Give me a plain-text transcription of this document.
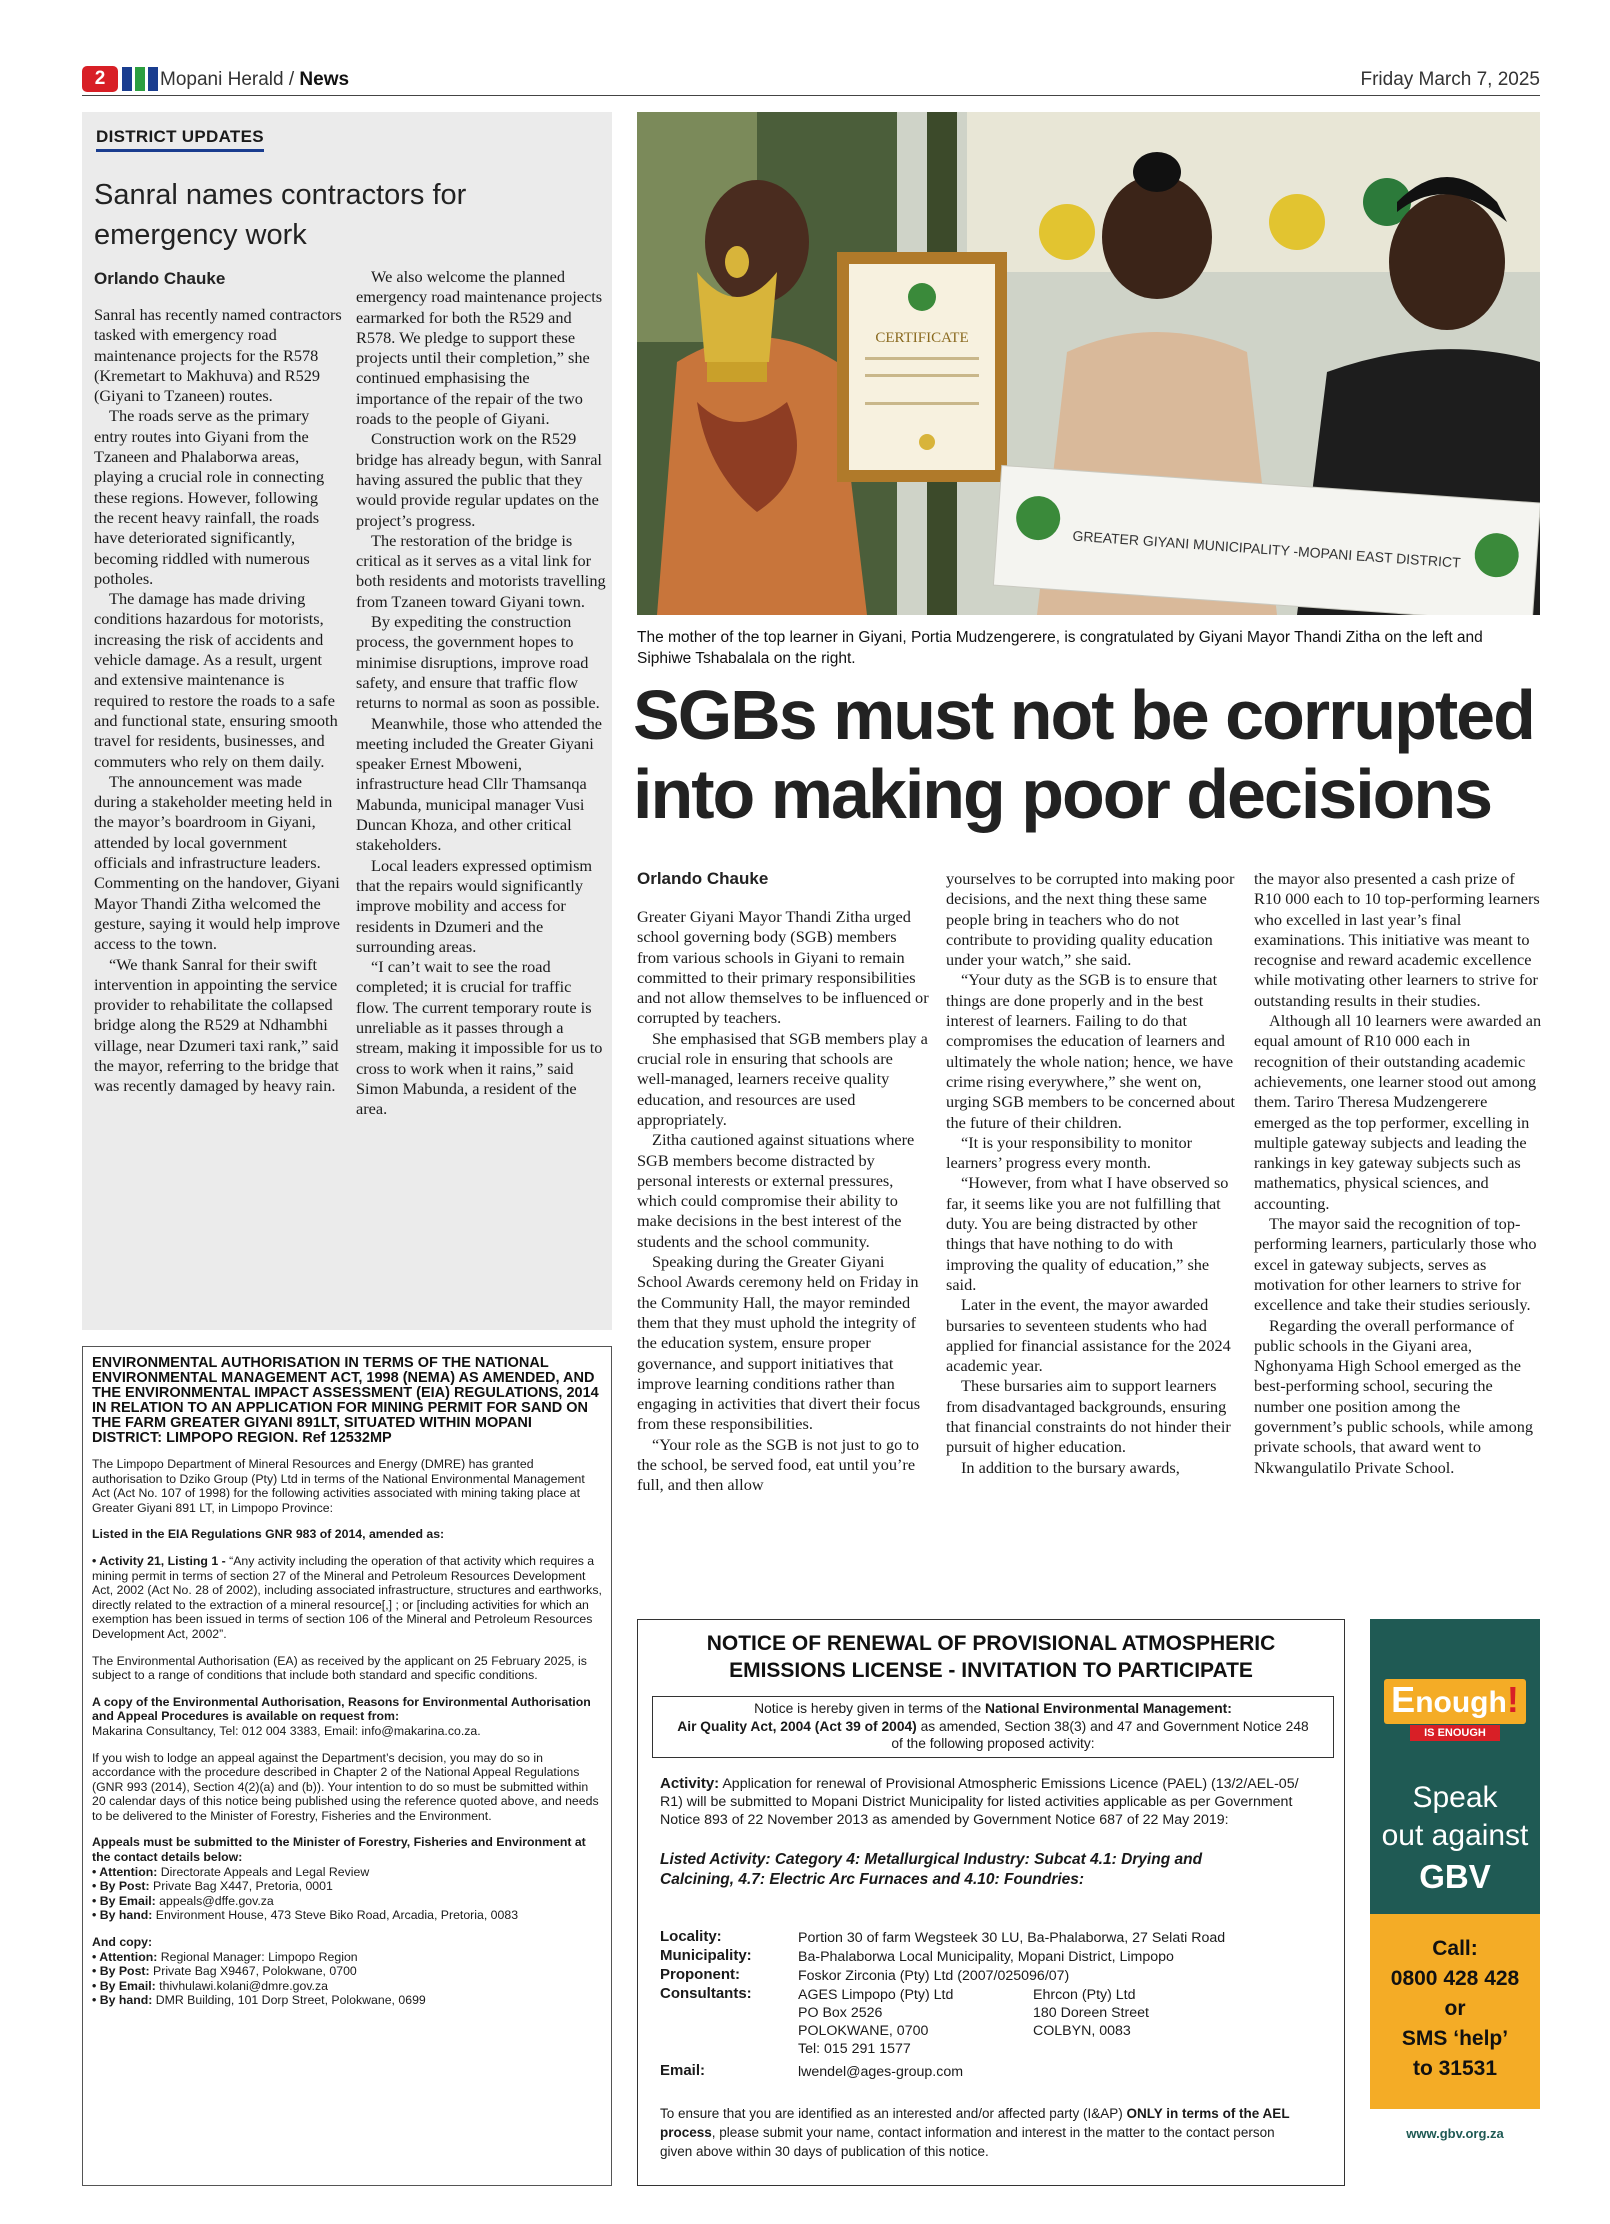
2	Mopani Herald / News	Friday March 7, 2025
DISTRICT UPDATES
Sanral names contractors for emergency work
Orlando Chauke

Sanral has recently named contractors tasked with emergency road maintenance projects for the R578 (Kremetart to Makhuva) and R529 (Giyani to Tzaneen) routes.

The roads serve as the primary entry routes into Giyani from the Tzaneen and Phalaborwa areas, playing a crucial role in connecting these regions. However, following the recent heavy rainfall, the roads have deteriorated significantly, becoming riddled with numerous potholes.

The damage has made driving conditions hazardous for motorists, increasing the risk of accidents and vehicle damage. As a result, urgent and extensive maintenance is required to restore the roads to a safe and functional state, ensuring smooth travel for residents, businesses, and commuters who rely on them daily.

The announcement was made during a stakeholder meeting held in the mayor’s boardroom in Giyani, attended by local government officials and infrastructure leaders. Commenting on the handover, Giyani Mayor Thandi Zitha welcomed the gesture, saying it would help improve access to the town.

“We thank Sanral for their swift intervention in appointing the service provider to rehabilitate the collapsed bridge along the R529 at Ndhambhi village, near Dzumeri taxi rank,” said the mayor, referring to the bridge that was recently damaged by heavy rain.

We also welcome the planned emergency road maintenance projects earmarked for both the R529 and R578. We pledge to support these projects until their completion,” she continued emphasising the importance of the repair of the two roads to the people of Giyani.

Construction work on the R529 bridge has already begun, with Sanral having assured the public that they would provide regular updates on the project’s progress.

The restoration of the bridge is critical as it serves as a vital link for both residents and motorists travelling from Tzaneen toward Giyani town.

By expediting the construction process, the government hopes to minimise disruptions, improve road safety, and ensure that traffic flow returns to normal as soon as possible.

Meanwhile, those who attended the meeting included the Greater Giyani speaker Ernest Mboweni, infrastructure head Cllr Thamsanqa Mabunda, municipal manager Vusi Duncan Khoza, and other critical stakeholders.

Local leaders expressed optimism that the repairs would significantly improve mobility and access for residents in Dzumeri and the surrounding areas.

“I can’t wait to see the road completed; it is crucial for traffic flow. The current temporary route is unreliable as it passes through a stream, making it impossible for us to cross to work when it rains,” said Simon Mabunda, a resident of the area.

CERTIFICATE
GREATER GIYANI MUNICIPALITY -MOPANI EAST DISTRICT
The mother of the top learner in Giyani, Portia Mudzengerere, is congratulated by Giyani Mayor Thandi Zitha on the left and Siphiwe Tshabalala on the right.
SGBs must not be corrupted into making poor decisions
Orlando Chauke

Greater Giyani Mayor Thandi Zitha urged school governing body (SGB) members from various schools in Giyani to remain committed to their primary responsibilities and not allow themselves to be influenced or corrupted by teachers.

She emphasised that SGB members play a crucial role in ensuring that schools are well-managed, learners receive quality education, and resources are used appropriately.

Zitha cautioned against situations where SGB members become distracted by personal interests or external pressures, which could compromise their ability to make decisions in the best interest of the students and the school community.

Speaking during the Greater Giyani School Awards ceremony held on Friday in the Community Hall, the mayor reminded them that they must uphold the integrity of the education system, ensure proper governance, and support initiatives that improve learning conditions rather than engaging in activities that divert their focus from these responsibilities.

“Your role as the SGB is not just to go to the school, be served food, eat until you’re full, and then allow

yourselves to be corrupted into making poor decisions, and the next thing these same people bring in teachers who do not contribute to providing quality education under your watch,” she said.

“Your duty as the SGB is to ensure that things are done properly and in the best interest of learners. Failing to do that compromises the education of learners and ultimately the whole nation; hence, we have crime rising everywhere,” she went on, urging SGB members to be concerned about the future of their children.

“It is your responsibility to monitor learners’ progress every month.

“However, from what I have observed so far, it seems like you are not fulfilling that duty. You are being distracted by other things that have nothing to do with improving the quality of education,” she said.

Later in the event, the mayor awarded bursaries to seventeen students who had applied for financial assistance for the 2024 academic year.

These bursaries aim to support learners from disadvantaged backgrounds, ensuring that financial constraints do not hinder their pursuit of higher education.

In addition to the bursary awards,

the mayor also presented a cash prize of R10 000 each to 10 top-performing learners who excelled in last year’s final examinations. This initiative was meant to recognise and reward academic excellence while motivating other learners to strive for outstanding results in their studies.

Although all 10 learners were awarded an equal amount of R10 000 each in recognition of their outstanding academic achievements, one learner stood out among them. Tariro Theresa Mudzengerere emerged as the top performer, excelling in multiple gateway subjects and leading the rankings in key gateway subjects such as mathematics, physical sciences, and accounting.

The mayor said the recognition of top-performing learners, particularly those who excel in gateway subjects, serves as motivation for other learners to strive for excellence and take their studies seriously.

Regarding the overall performance of public schools in the Giyani area, Nghonyama High School emerged as the best-performing school, securing the number one position among the government’s public schools, while among private schools, that award went to Nkwangulatilo Private School.

ENVIRONMENTAL AUTHORISATION IN TERMS OF THE NATIONAL ENVIRONMENTAL MANAGEMENT ACT, 1998 (NEMA) AS AMENDED, AND THE ENVIRONMENTAL IMPACT ASSESSMENT (EIA) REGULATIONS, 2014 IN RELATION TO AN APPLICATION FOR MINING PERMIT FOR SAND ON THE FARM GREATER GIYANI 891LT, SITUATED WITHIN MOPANI DISTRICT: LIMPOPO REGION. Ref 12532MP

The Limpopo Department of Mineral Resources and Energy (DMRE) has granted authorisation to Dziko Group (Pty) Ltd in terms of the National Environmental Management Act (Act No. 107 of 1998) for the following activities associated with mining taking place at Greater Giyani 891 LT, in Limpopo Province:

Listed in the EIA Regulations GNR 983 of 2014, amended as:

• Activity 21, Listing 1 - “Any activity including the operation of that activity which requires a mining permit in terms of section 27 of the Mineral and Petroleum Resources Development Act, 2002 (Act No. 28 of 2002), including associated infrastructure, structures and earthworks, directly related to the extraction of a mineral resource[,] ; or [including activities for which an exemption has been issued in terms of section 106 of the Mineral and Petroleum Resources Development Act, 2002”.

The Environmental Authorisation (EA) as received by the applicant on 25 February 2025, is subject to a range of conditions that include both standard and specific conditions.

A copy of the Environmental Authorisation, Reasons for Environmental Authorisation and Appeal Procedures is available on request from:
Makarina Consultancy, Tel: 012 004 3383, Email: info@makarina.co.za.

If you wish to lodge an appeal against the Department’s decision, you may do so in accordance with the procedure described in Chapter 2 of the National Appeal Regulations (GNR 993 (2014), Section 4(2)(a) and (b)). Your intention to do so must be submitted within 20 calendar days of this notice being published using the reference quoted above, and needs to be delivered to the Minister of Forestry, Fisheries and the Environment.

Appeals must be submitted to the Minister of Forestry, Fisheries and Environment at the contact details below:
• Attention: Directorate Appeals and Legal Review
• By Post: Private Bag X447, Pretoria, 0001
• By Email: appeals@dffe.gov.za
• By hand: Environment House, 473 Steve Biko Road, Arcadia, Pretoria, 0083

And copy:
• Attention: Regional Manager: Limpopo Region
• By Post: Private Bag X9467, Polokwane, 0700
• By Email: thivhulawi.kolani@dmre.gov.za
• By hand: DMR Building, 101 Dorp Street, Polokwane, 0699

NOTICE OF RENEWAL OF PROVISIONAL ATMOSPHERIC
EMISSIONS LICENSE - INVITATION TO PARTICIPATE
Notice is hereby given in terms of the National Environmental Management:
Air Quality Act, 2004 (Act 39 of 2004) as amended, Section 38(3) and 47 and Government Notice 248
of the following proposed activity:
Activity: Application for renewal of Provisional Atmospheric Emissions Licence (PAEL) (13/2/AEL-05/
R1) will be submitted to Mopani District Municipality for listed activities applicable as per Government
Notice 893 of 22 November 2013 as amended by Government Notice 687 of 22 May 2019:
Listed Activity: Category 4: Metallurgical Industry: Subcat 4.1: Drying and
Calcining, 4.7: Electric Arc Furnaces and 4.10: Foundries:
Locality:	Portion 30 of farm Wegsteek 30 LU, Ba-Phalaborwa, 27 Selati Road
Municipality:	Ba-Phalaborwa Local Municipality, Mopani District, Limpopo
Proponent:	Foskor Zirconia (Pty) Ltd (2007/025096/07)
Consultants:	AGES Limpopo (Pty) Ltd
PO Box 2526
POLOKWANE, 0700
Tel: 015 291 1577
Ehrcon (Pty) Ltd
180 Doreen Street
COLBYN, 0083
Email:	lwendel@ages-group.com
To ensure that you are identified as an interested and/or affected party (I&AP) ONLY in terms of the AEL
process, please submit your name, contact information and interest in the matter to the contact person
given above within 30 days of publication of this notice.
Enough!
IS ENOUGH
Speak
out against
GBV
Call:
0800 428 428
or
SMS ‘help’
to 31531
www.gbv.org.za
